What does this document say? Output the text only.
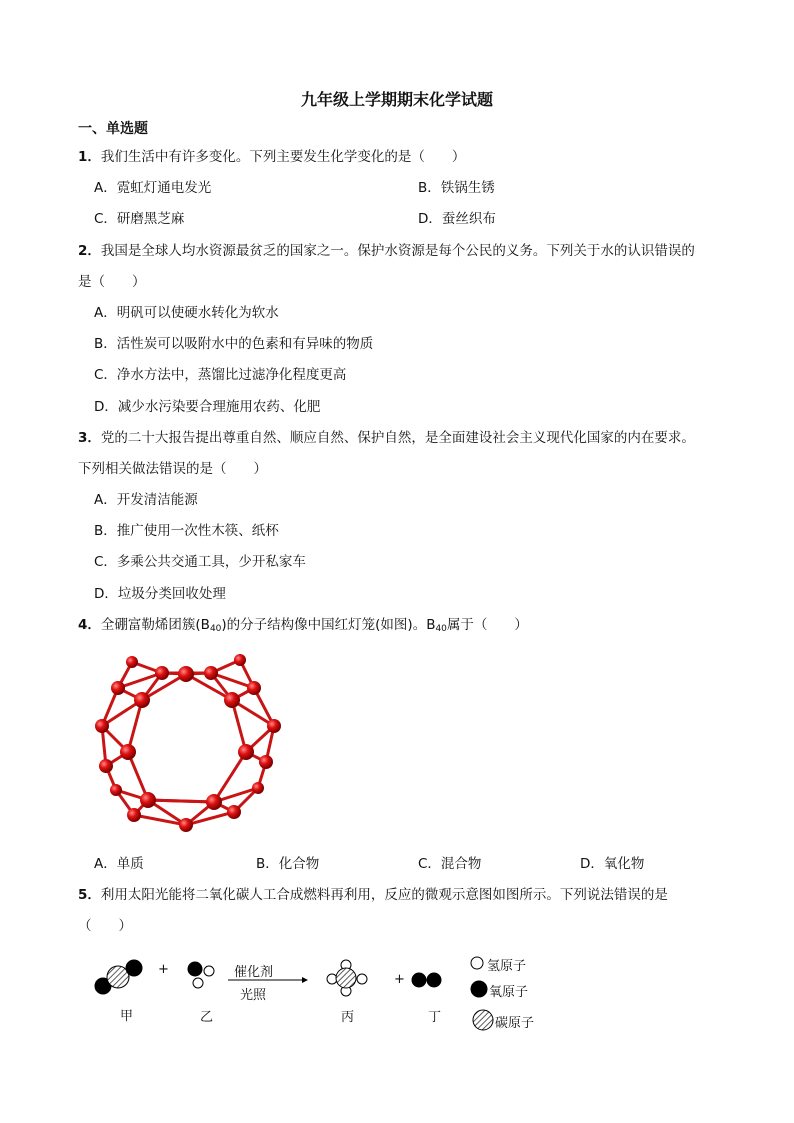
九年级上学期期末化学试题
一、单选题
1．我们生活中有许多变化。下列主要发生化学变化的是（　　）
A．霓虹灯通电发光	B．铁锅生锈
C．研磨黑芝麻	D．蚕丝织布
2．我国是全球人均水资源最贫乏的国家之一。保护水资源是每个公民的义务。下列关于水的认识错误的
是（　　）
A．明矾可以使硬水转化为软水
B．活性炭可以吸附水中的色素和有异味的物质
C．净水方法中，蒸馏比过滤净化程度更高
D．减少水污染要合理施用农药、化肥
3．党的二十大报告提出尊重自然、顺应自然、保护自然，是全面建设社会主义现代化国家的内在要求。
下列相关做法错误的是（　　）
A．开发清洁能源
B．推广使用一次性木筷、纸杯
C．多乘公共交通工具，少开私家车
D．垃圾分类回收处理
4．全硼富勒烯团簇$(B_{40})$的分子结构像中国红灯笼(如图)。$B_{40}$属于（　　）
A．单质	B．化合物	C．混合物	D．氧化物
5．利用太阳光能将二氧化碳人工合成燃料再利用，反应的微观示意图如图所示。下列说法错误的是
（　　）
+
+
催化剂
光照
甲	乙	丙	丁
氢原子
氧原子
碳原子
